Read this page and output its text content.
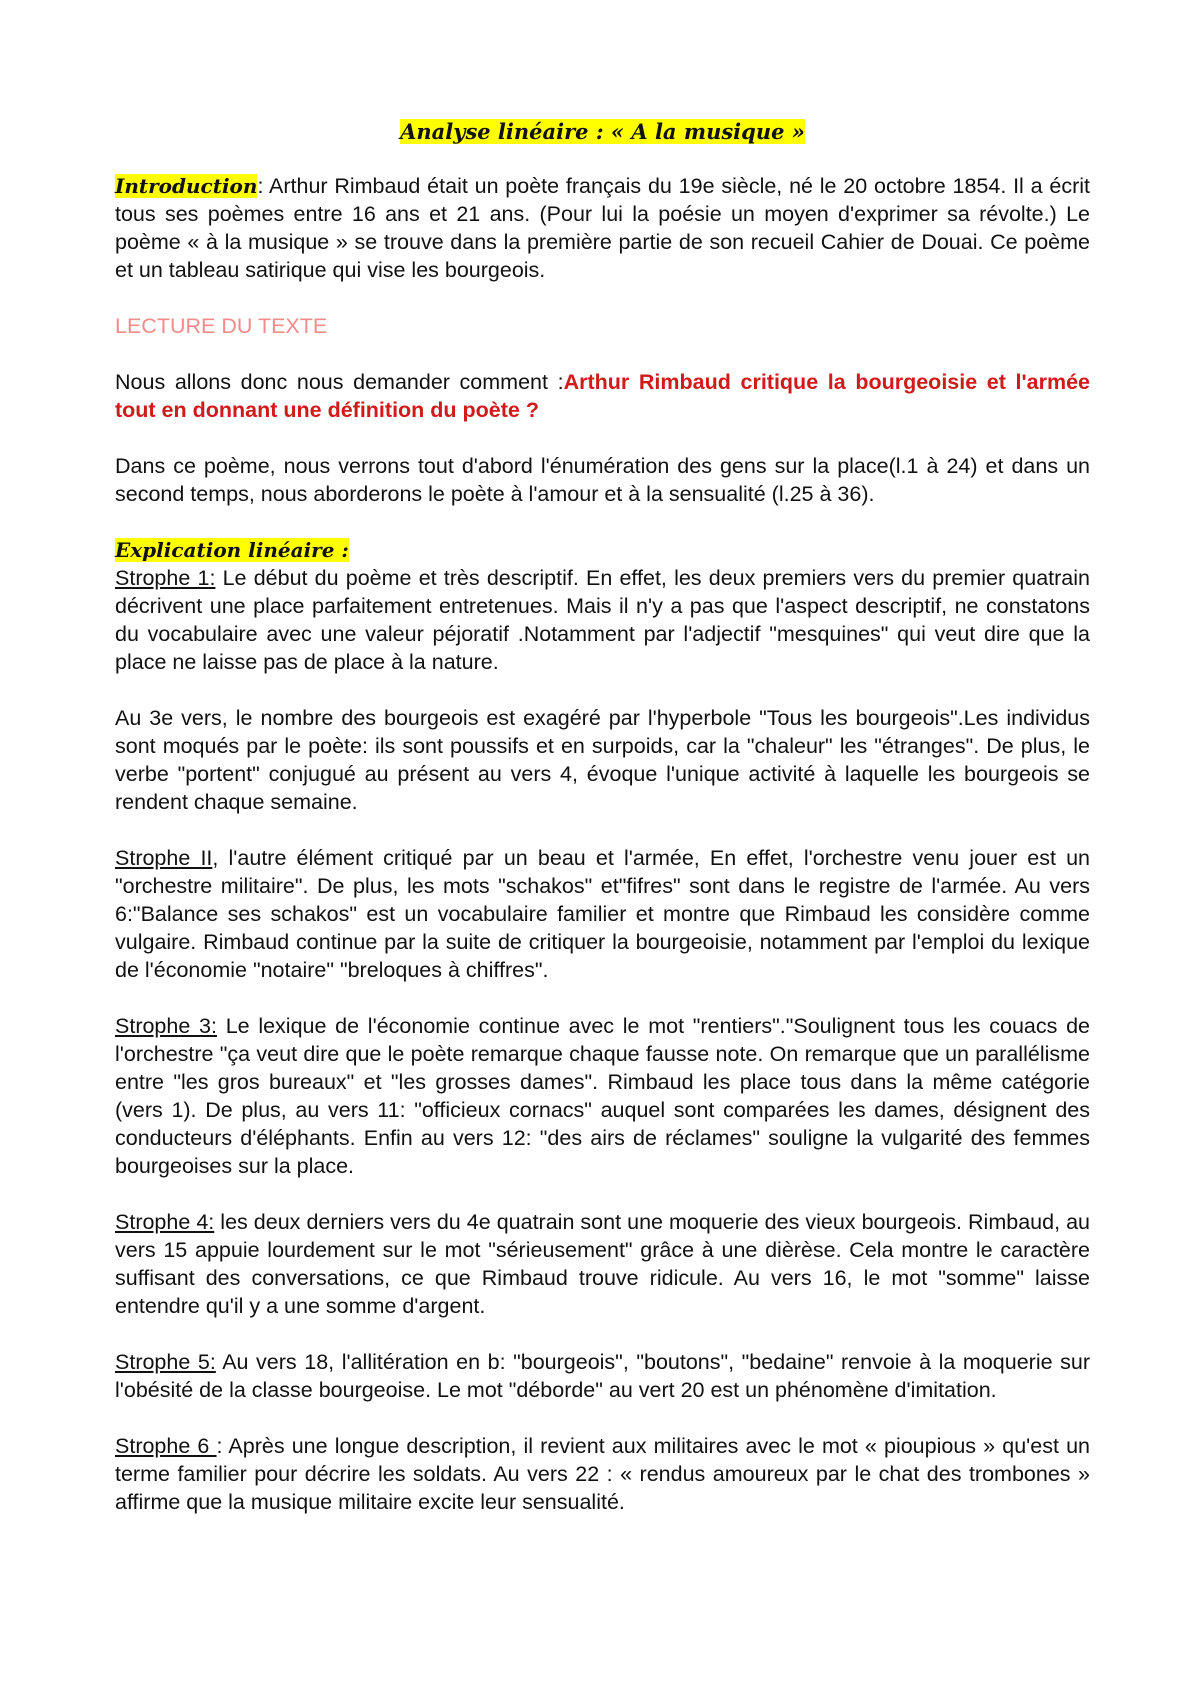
Analyse linéaire : « A la musique »

Introduction: Arthur Rimbaud était un poète français du 19e siècle, né le 20 octobre 1854. Il a écrit tous ses poèmes entre 16 ans et 21 ans. (Pour lui la poésie un moyen d'exprimer sa révolte.) Le poème « à la musique » se trouve dans la première partie de son recueil Cahier de Douai. Ce poème et un tableau satirique qui vise les bourgeois.

LECTURE DU TEXTE

Nous allons donc nous demander comment :Arthur Rimbaud critique la bourgeoisie et l'armée tout en donnant une définition du poète ?

Dans ce poème, nous verrons tout d'abord l'énumération des gens sur la place(l.1 à 24) et dans un second temps, nous aborderons le poète à l'amour et à la sensualité (l.25 à 36).

Explication linéaire :

Strophe 1: Le début du poème et très descriptif. En effet, les deux premiers vers du premier quatrain décrivent une place parfaitement entretenues. Mais il n'y a pas que l'aspect descriptif, ne constatons du vocabulaire avec une valeur péjoratif .Notamment par l'adjectif "mesquines" qui veut dire que la place ne laisse pas de place à la nature.

Au 3e vers, le nombre des bourgeois est exagéré par l'hyperbole "Tous les bourgeois".Les individus sont moqués par le poète: ils sont poussifs et en surpoids, car la "chaleur" les "étranges". De plus, le verbe "portent" conjugué au présent au vers 4, évoque l'unique activité à laquelle les bourgeois se rendent chaque semaine.

Strophe II, l'autre élément critiqué par un beau et l'armée, En effet, l'orchestre venu jouer est un "orchestre militaire". De plus, les mots "schakos" et"fifres" sont dans le registre de l'armée. Au vers 6:"Balance ses schakos" est un vocabulaire familier et montre que Rimbaud les considère comme vulgaire. Rimbaud continue par la suite de critiquer la bourgeoisie, notamment par l'emploi du lexique de l'économie "notaire" "breloques à chiffres".

Strophe 3: Le lexique de l'économie continue avec le mot "rentiers"."Soulignent tous les couacs de l'orchestre "ça veut dire que le poète remarque chaque fausse note. On remarque que un parallélisme entre "les gros bureaux" et "les grosses dames". Rimbaud les place tous dans la même catégorie (vers 1). De plus, au vers 11: "officieux cornacs" auquel sont comparées les dames, désignent des conducteurs d'éléphants. Enfin au vers 12: "des airs de réclames" souligne la vulgarité des femmes bourgeoises sur la place.

Strophe 4: les deux derniers vers du 4e quatrain sont une moquerie des vieux bourgeois. Rimbaud, au vers 15 appuie lourdement sur le mot "sérieusement" grâce à une dièrèse. Cela montre le caractère suffisant des conversations, ce que Rimbaud trouve ridicule. Au vers 16, le mot "somme" laisse entendre qu'il y a une somme d'argent.

Strophe 5: Au vers 18, l'allitération en b: "bourgeois", "boutons", "bedaine" renvoie à la moquerie sur l'obésité de la classe bourgeoise. Le mot "déborde" au vert 20 est un phénomène d'imitation.

Strophe 6 : Après une longue description, il revient aux militaires avec le mot « pioupious » qu'est un terme familier pour décrire les soldats. Au vers 22 : « rendus amoureux par le chat des trombones » affirme que la musique militaire excite leur sensualité.
